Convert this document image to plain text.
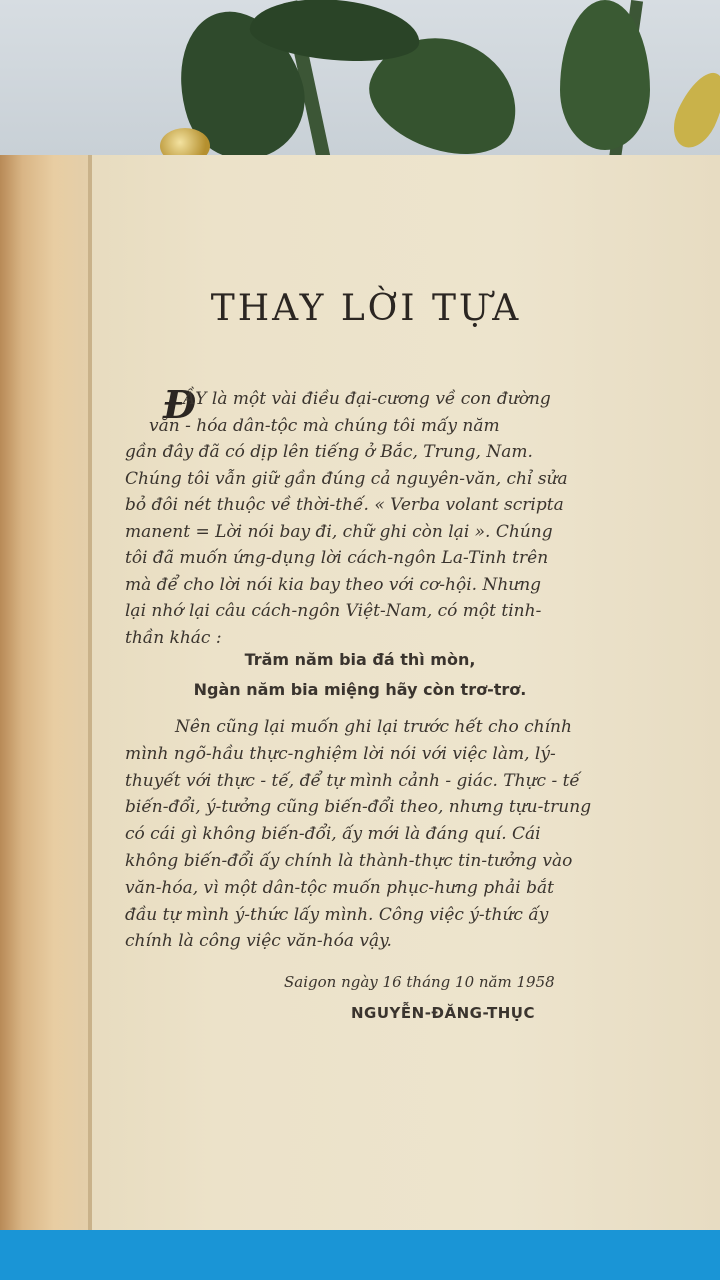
THAY LỜI TỰA
Đ
ẦY là một vài điều đại-cương về con đường
văn - hóa dân-tộc mà chúng tôi mấy năm
gần đây đã có dịp lên tiếng ở Bắc, Trung, Nam.
Chúng tôi vẫn giữ gần đúng cả nguyên-văn, chỉ sửa
bỏ đôi nét thuộc về thời-thế. « Verba volant scripta
manent = Lời nói bay đi, chữ ghi còn lại ». Chúng
tôi đã muốn ứng-dụng lời cách-ngôn La-Tinh trên
mà để cho lời nói kia bay theo với cơ-hội. Nhưng
lại nhớ lại câu cách-ngôn Việt-Nam, có một tinh-
thần khác :
Trăm năm bia đá thì mòn,
Ngàn năm bia miệng hãy còn trơ-trơ.
Nên cũng lại muốn ghi lại trước hết cho chính
mình ngõ-hầu thực-nghiệm lời nói với việc làm, lý-
thuyết với thực - tế, để tự mình cảnh - giác. Thực - tế
biến-đổi, ý-tưởng cũng biến-đổi theo, nhưng tựu-trung
có cái gì không biến-đổi, ấy mới là đáng quí. Cái
không biến-đổi ấy chính là thành-thực tin-tưởng vào
văn-hóa, vì một dân-tộc muốn phục-hưng phải bắt
đầu tự mình ý-thức lấy mình. Công việc ý-thức ấy
chính là công việc văn-hóa vậy.
Saigon ngày 16 tháng 10 năm 1958
NGUYỄN-ĐĂNG-THỤC
